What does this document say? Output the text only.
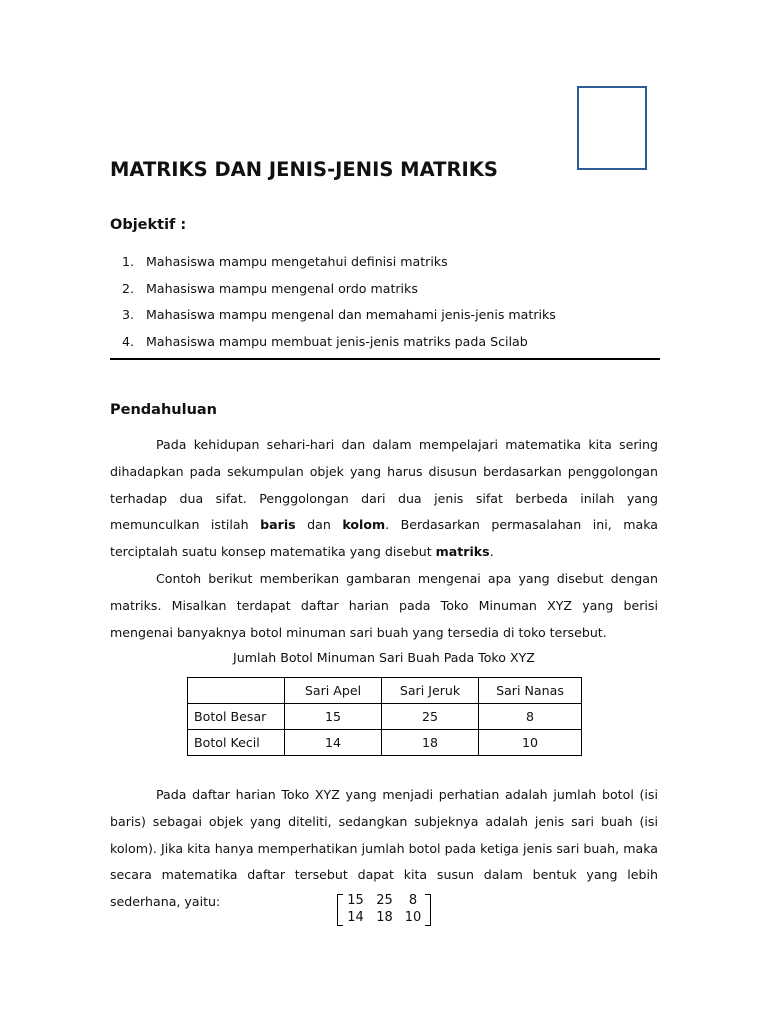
MATRIKS DAN JENIS-JENIS MATRIKS
Objektif :
1. Mahasiswa mampu mengetahui definisi matriks
2. Mahasiswa mampu mengenal ordo matriks
3. Mahasiswa mampu mengenal dan memahami jenis-jenis matriks
4. Mahasiswa mampu membuat jenis-jenis matriks pada Scilab
Pendahuluan

Pada kehidupan sehari-hari dan dalam mempelajari matematika kita sering dihadapkan pada sekumpulan objek yang harus disusun berdasarkan penggolongan terhadap dua sifat. Penggolongan dari dua jenis sifat berbeda inilah yang memunculkan istilah baris dan kolom. Berdasarkan permasalahan ini, maka terciptalah suatu konsep matematika yang disebut matriks.

Contoh berikut memberikan gambaran mengenai apa yang disebut dengan matriks. Misalkan terdapat daftar harian pada Toko Minuman XYZ yang berisi mengenai banyaknya botol minuman sari buah yang tersedia di toko tersebut.

Jumlah Botol Minuman Sari Buah Pada Toko XYZ
	Sari Apel	Sari Jeruk	Sari Nanas
Botol Besar	15	25	8
Botol Kecil	14	18	10

Pada daftar harian Toko XYZ yang menjadi perhatian adalah jumlah botol (isi baris) sebagai objek yang diteliti, sedangkan subjeknya adalah jenis sari buah (isi kolom). Jika kita hanya memperhatikan jumlah botol pada ketiga jenis sari buah, maka secara matematika daftar tersebut dapat kita susun dalam bentuk yang lebih sederhana, yaitu:	15 25 8
14 18 10
